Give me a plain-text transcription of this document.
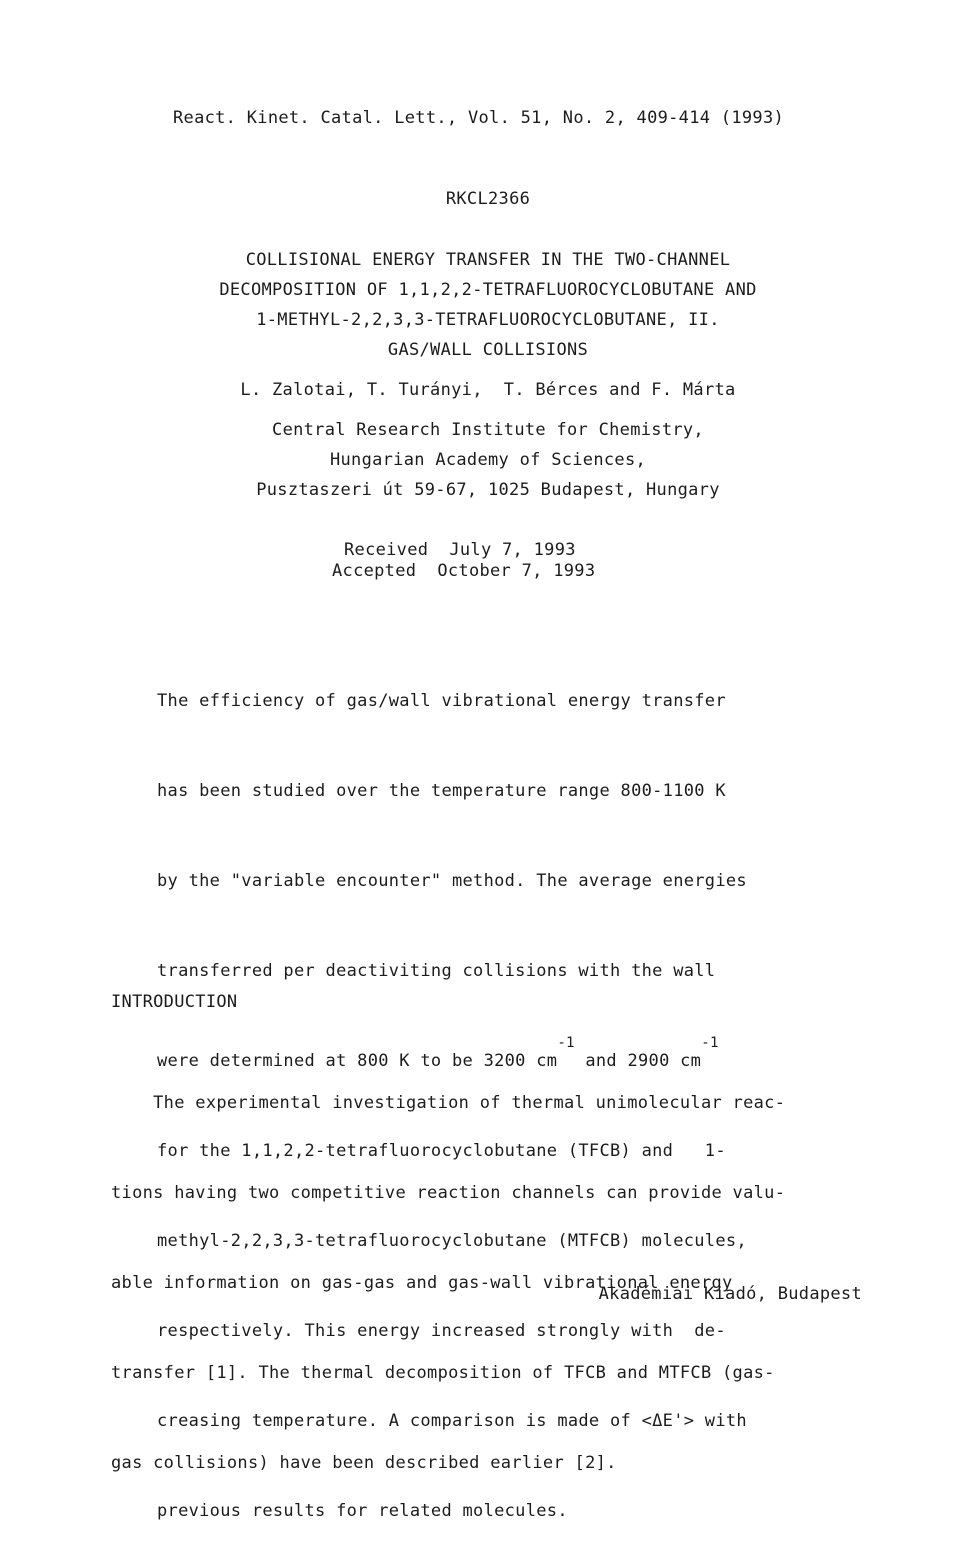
React. Kinet. Catal. Lett., Vol. 51, No. 2, 409-414 (1993)
RKCL2366
COLLISIONAL ENERGY TRANSFER IN THE TWO-CHANNEL
DECOMPOSITION OF 1,1,2,2-TETRAFLUOROCYCLOBUTANE AND
1-METHYL-2,2,3,3-TETRAFLUOROCYCLOBUTANE, II.
GAS/WALL COLLISIONS
L. Zalotai, T. Turányi,  T. Bérces and F. Márta
Central Research Institute for Chemistry,
Hungarian Academy of Sciences,
Pusztaszeri út 59-67, 1025 Budapest, Hungary
Received  July 7, 1993
Accepted  October 7, 1993

The efficiency of gas/wall vibrational energy transfer

has been studied over the temperature range 800-1100 K

by the "variable encounter" method. The average energies

transferred per deactiviting collisions with the wall

were determined at 800 K to be 3200 $cm^{-1}$ and 2900 $cm^{-1}$

for the 1,1,2,2-tetrafluorocyclobutane (TFCB) and   1-

methyl-2,2,3,3-tetrafluorocyclobutane (MTFCB) molecules,

respectively. This energy increased strongly with  de-

creasing temperature. A comparison is made of <ΔE'> with

previous results for related molecules.

INTRODUCTION

The experimental investigation of thermal unimolecular reac-

tions having two competitive reaction channels can provide valu-

able information on gas-gas and gas-wall vibrational energy

transfer [1]. The thermal decomposition of TFCB and MTFCB (gas-

gas collisions) have been described earlier [2].

Akadémiai Kiadó, Budapest
